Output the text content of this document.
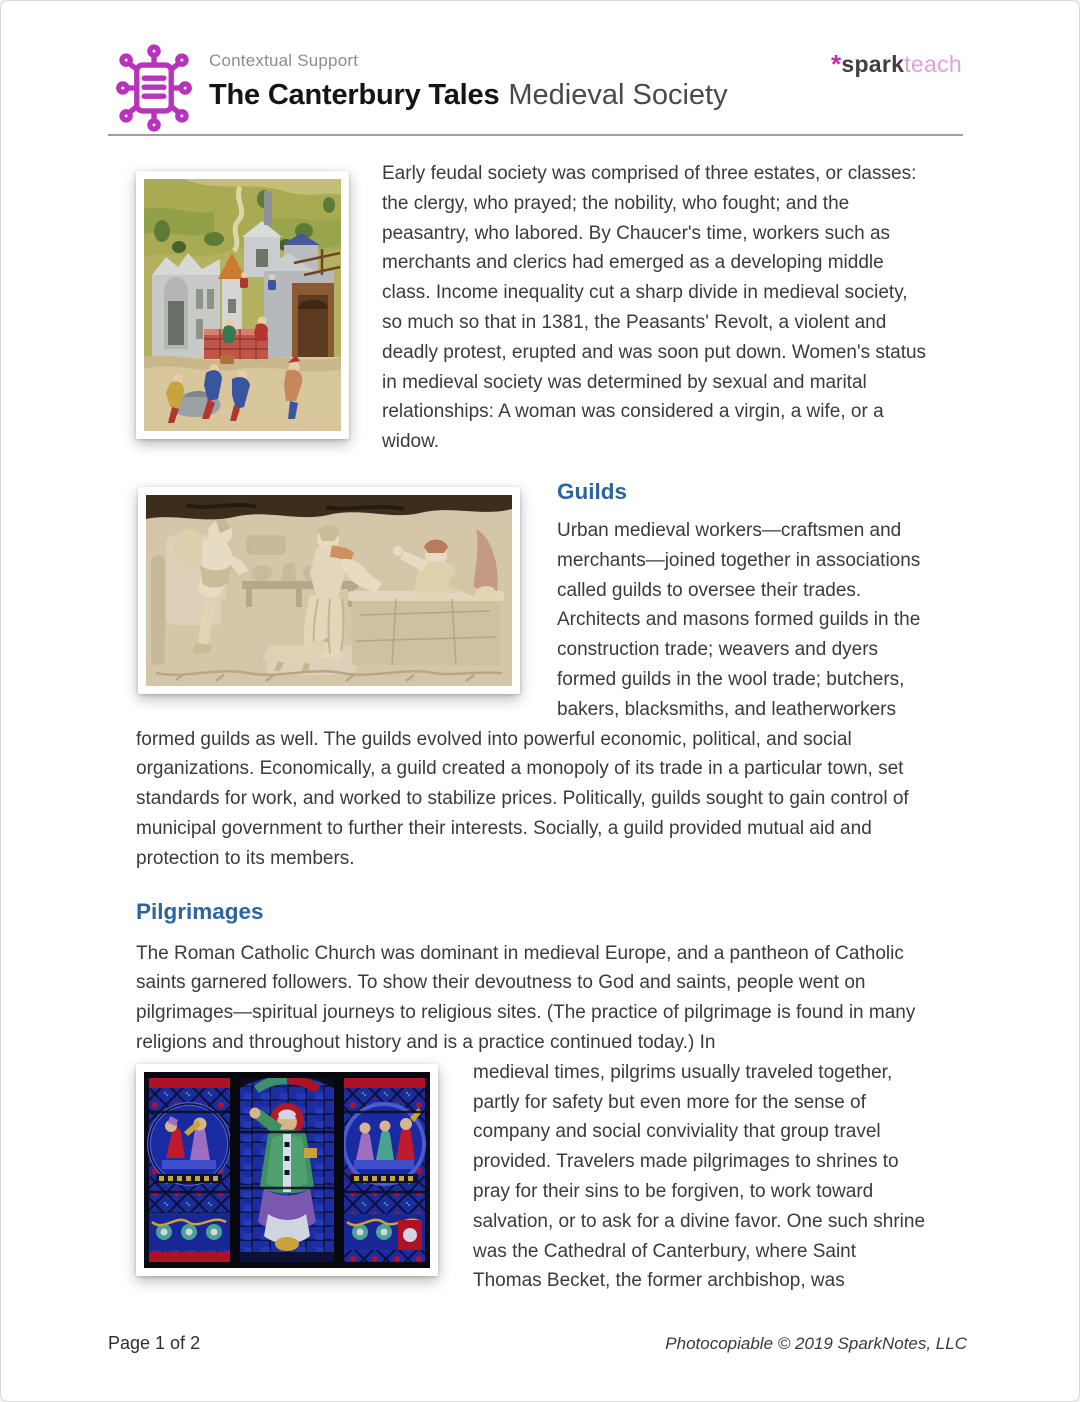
Contextual Support
The Canterbury Tales Medieval Society
*sparkteach

Early feudal society was comprised of three estates, or classes: the clergy, who prayed; the nobility, who fought; and the peasantry, who labored. By Chaucer's time, workers such as merchants and clerics had emerged as a developing middle class. Income inequality cut a sharp divide in medieval society, so much so that in 1381, the Peasants' Revolt, a violent and deadly protest, erupted and was soon put down. Women's status in medieval society was determined by sexual and marital relationships: A woman was considered a virgin, a wife, or a widow.

Guilds

Urban medieval workers—craftsmen and merchants—joined together in associations called guilds to oversee their trades. Architects and masons formed guilds in the construction trade; weavers and dyers formed guilds in the wool trade; butchers, bakers, blacksmiths, and leatherworkers formed guilds as well. The guilds evolved into powerful economic, political, and social organizations. Economically, a guild created a monopoly of its trade in a particular town, set standards for work, and worked to stabilize prices. Politically, guilds sought to gain control of municipal government to further their interests. Socially, a guild provided mutual aid and protection to its members.

Pilgrimages

The Roman Catholic Church was dominant in medieval Europe, and a pantheon of Catholic saints garnered followers. To show their devoutness to God and saints, people went on pilgrimages—spiritual journeys to religious sites. (The practice of pilgrimage is found in many religions and throughout history and is a practice continued today.) In

medieval times, pilgrims usually traveled together, partly for safety but even more for the sense of company and social conviviality that group travel provided. Travelers made pilgrimages to shrines to pray for their sins to be forgiven, to work toward salvation, or to ask for a divine favor. One such shrine was the Cathedral of Canterbury, where Saint Thomas Becket, the former archbishop, was

Page 1 of 2	Photocopiable © 2019 SparkNotes, LLC
